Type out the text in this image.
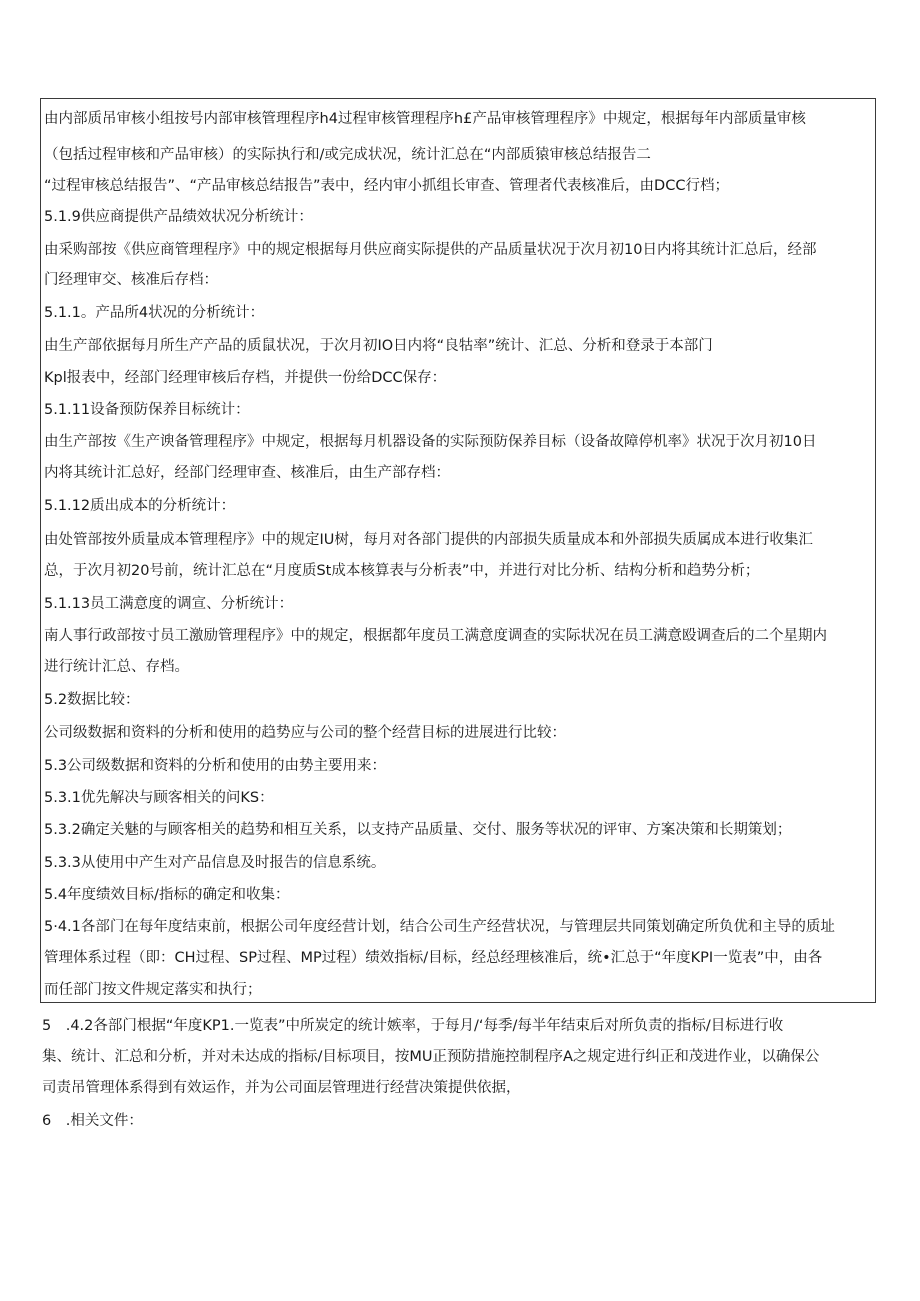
由内部质吊审核小组按号内部审核管理程序h4过程审核管理程序h£产品审核管理程序》中规定，根据每年内部质量审核
（包括过程审核和产品审核）的实际执行和/或完成状况，统计汇总在“内部质猿审核总结报告二
“过程审核总结报告”、“产品审核总结报告”表中，经内审小抓组长审查、管理者代表核准后，由DCC行档；
5.1.9供应商提供产品绩效状况分析统计：
由采购部按《供应商管理程序》中的规定根据每月供应商实际提供的产品质量状况于次月初10日内将其统计汇总后，经部
门经理审交、核准后存档：
5.1.1。产品所4状况的分析统计：
由生产部依据每月所生产产品的质鼠状况，于次月初IO日内将“良牯率”统计、汇总、分析和登录于本部门
Kpl报表中，经部门经理审核后存档，并提供一份给DCC保存：
5.1.11设备预防保养目标统计：
由生产部按《生产谀备管理程序》中规定，根据每月机器设备的实际预防保养目标（设备故障停机率》状况于次月初10日
内将其统计汇总好，经部门经理审查、核准后，由生产部存档：
5.1.12质出成本的分析统计：
由处管部按外质量成本管理程序》中的规定IU树，每月对各部门提供的内部损失质量成本和外部损失质属成本进行收集汇
总，于次月初20号前，统计汇总在“月度质St成本核算表与分析表”中，并进行对比分析、结构分析和趋势分析；
5.1.13员工满意度的调宣、分析统计：
南人事行政部按寸员工激励管理程序》中的规定，根据都年度员工满意度调查的实际状况在员工满意殴调查后的二个星期内
进行统计汇总、存档。
5.2数据比较：
公司级数据和资料的分析和使用的趋势应与公司的整个经营目标的进展进行比较：
5.3公司级数据和资料的分析和使用的由势主要用来：
5.3.1优先解决与顾客相关的问KS：
5.3.2确定关魅的与顾客相关的趋势和相互关系，以支持产品质量、交付、服务等状况的评审、方案决策和长期策划；
5.3.3从使用中产生对产品信息及时报告的信息系统。
5.4年度绩效目标/指标的确定和收集：
5·4.1各部门在每年度结束前，根据公司年度经营计划，结合公司生产经营状况，与管理层共同策划确定所负优和主导的质址
管理体系过程（即：CH过程、SP过程、MP过程）绩效指标/目标，经总经理核准后，统•汇总于“年度KPI一览表”中，由各
而任部门按文件规定落实和执行；
5　.4.2各部门根据“年度KP1.一览表”中所炭定的统计嫉率，于每月/‘每季/每半年结束后对所负责的指标/目标进行收
集、统计、汇总和分析，并对未达成的指标/目标项目，按MU正预防措施控制程序A之规定进行纠正和茂进作业，以确保公
司责吊管理体系得到有效运作，并为公司面层管理进行经营决策提供依据，
6　.相关文件：
